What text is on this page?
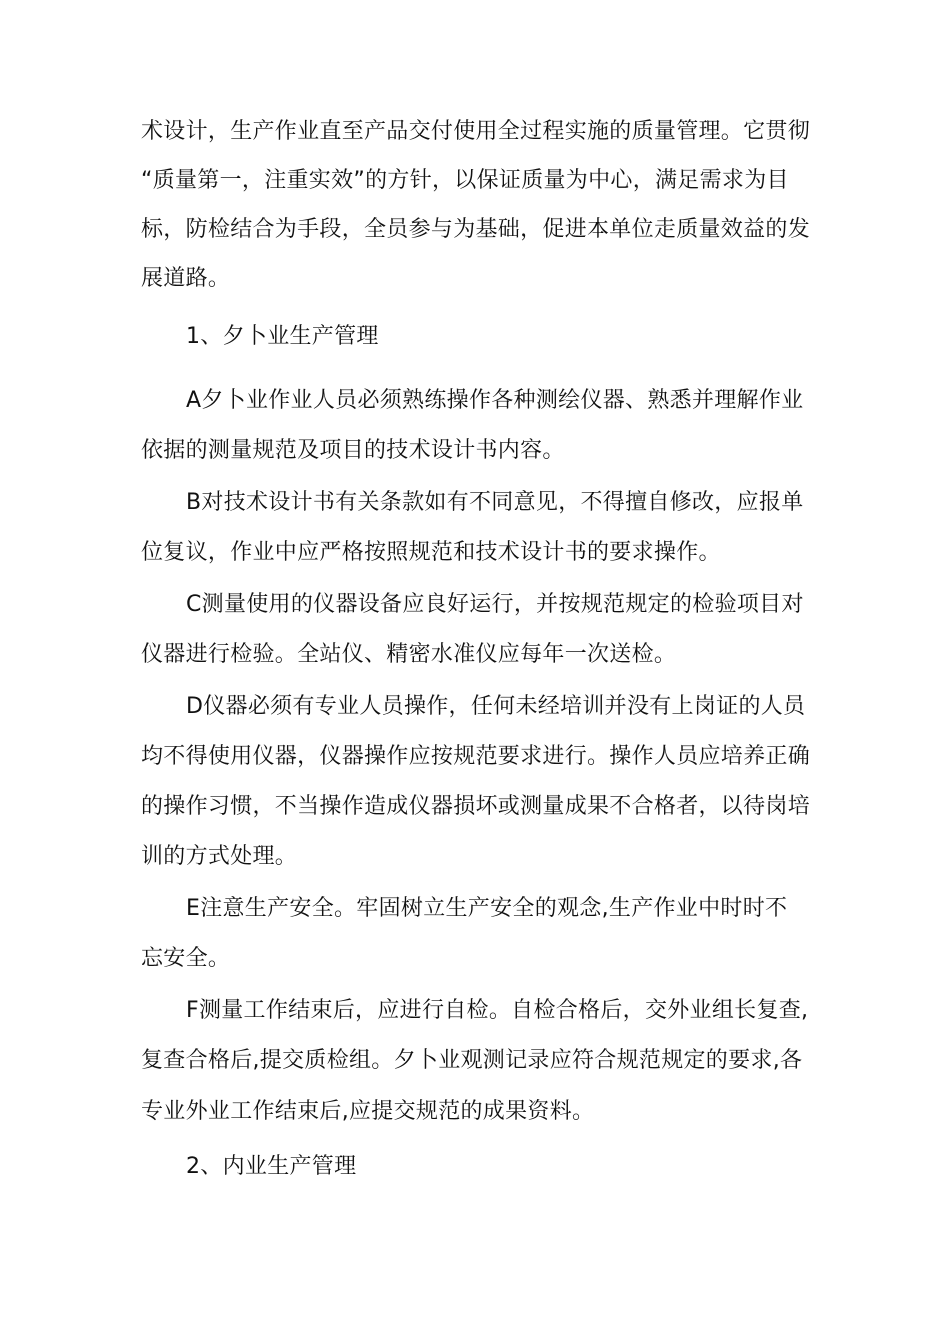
术设计，生产作业直至产品交付使用全过程实施的质量管理。它贯彻
“质量第一，注重实效”的方针，以保证质量为中心，满足需求为目
标，防检结合为手段，全员参与为基础，促进本单位走质量效益的发
展道路。
1、夕卜业生产管理
A夕卜业作业人员必须熟练操作各种测绘仪器、熟悉并理解作业
依据的测量规范及项目的技术设计书内容。
B对技术设计书有关条款如有不同意见，不得擅自修改，应报单
位复议，作业中应严格按照规范和技术设计书的要求操作。
C测量使用的仪器设备应良好运行，并按规范规定的检验项目对
仪器进行检验。全站仪、精密水准仪应每年一次送检。
D仪器必须有专业人员操作，任何未经培训并没有上岗证的人员
均不得使用仪器，仪器操作应按规范要求进行。操作人员应培养正确
的操作习惯，不当操作造成仪器损坏或测量成果不合格者，以待岗培
训的方式处理。
E注意生产安全。牢固树立生产安全的观念,生产作业中时时不
忘安全。
F测量工作结束后，应进行自检。自检合格后，交外业组长复查,
复查合格后,提交质检组。夕卜业观测记录应符合规范规定的要求,各
专业外业工作结束后,应提交规范的成果资料。
2、内业生产管理
